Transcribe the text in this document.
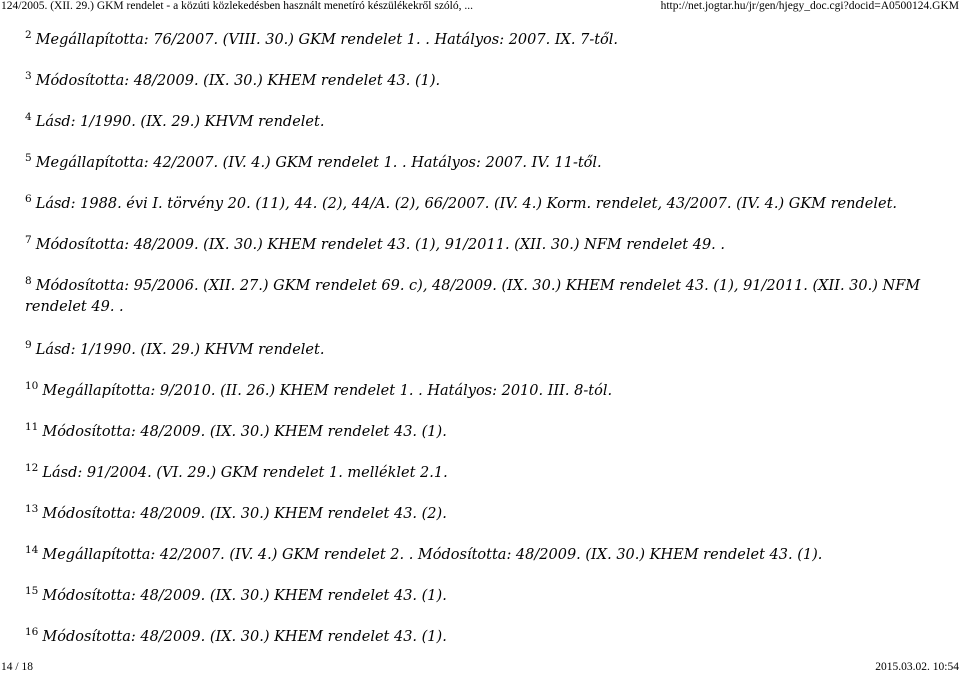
124/2005. (XII. 29.) GKM rendelet - a közúti közlekedésben használt menetíró készülékekről szóló, ...	http://net.jogtar.hu/jr/gen/hjegy_doc.cgi?docid=A0500124.GKM
$^2$ Megállapította: 76/2007. (VIII. 30.) GKM rendelet 1. . Hatályos: 2007. IX. 7-től.
$^3$ Módosította: 48/2009. (IX. 30.) KHEM rendelet 43. (1).
$^4$ Lásd: 1/1990. (IX. 29.) KHVM rendelet.
$^5$ Megállapította: 42/2007. (IV. 4.) GKM rendelet 1. . Hatályos: 2007. IV. 11-től.
$^6$ Lásd: 1988. évi I. törvény 20. (11), 44. (2), 44/A. (2), 66/2007. (IV. 4.) Korm. rendelet, 43/2007. (IV. 4.) GKM rendelet.
$^7$ Módosította: 48/2009. (IX. 30.) KHEM rendelet 43. (1), 91/2011. (XII. 30.) NFM rendelet 49. .
$^8$ Módosította: 95/2006. (XII. 27.) GKM rendelet 69. c), 48/2009. (IX. 30.) KHEM rendelet 43. (1), 91/2011. (XII. 30.) NFM rendelet 49. .
$^9$ Lásd: 1/1990. (IX. 29.) KHVM rendelet.
$^{10}$ Megállapította: 9/2010. (II. 26.) KHEM rendelet 1. . Hatályos: 2010. III. 8-tól.
$^{11}$ Módosította: 48/2009. (IX. 30.) KHEM rendelet 43. (1).
$^{12}$ Lásd: 91/2004. (VI. 29.) GKM rendelet 1. melléklet 2.1.
$^{13}$ Módosította: 48/2009. (IX. 30.) KHEM rendelet 43. (2).
$^{14}$ Megállapította: 42/2007. (IV. 4.) GKM rendelet 2. . Módosította: 48/2009. (IX. 30.) KHEM rendelet 43. (1).
$^{15}$ Módosította: 48/2009. (IX. 30.) KHEM rendelet 43. (1).
$^{16}$ Módosította: 48/2009. (IX. 30.) KHEM rendelet 43. (1).
14 / 18	2015.03.02. 10:54
